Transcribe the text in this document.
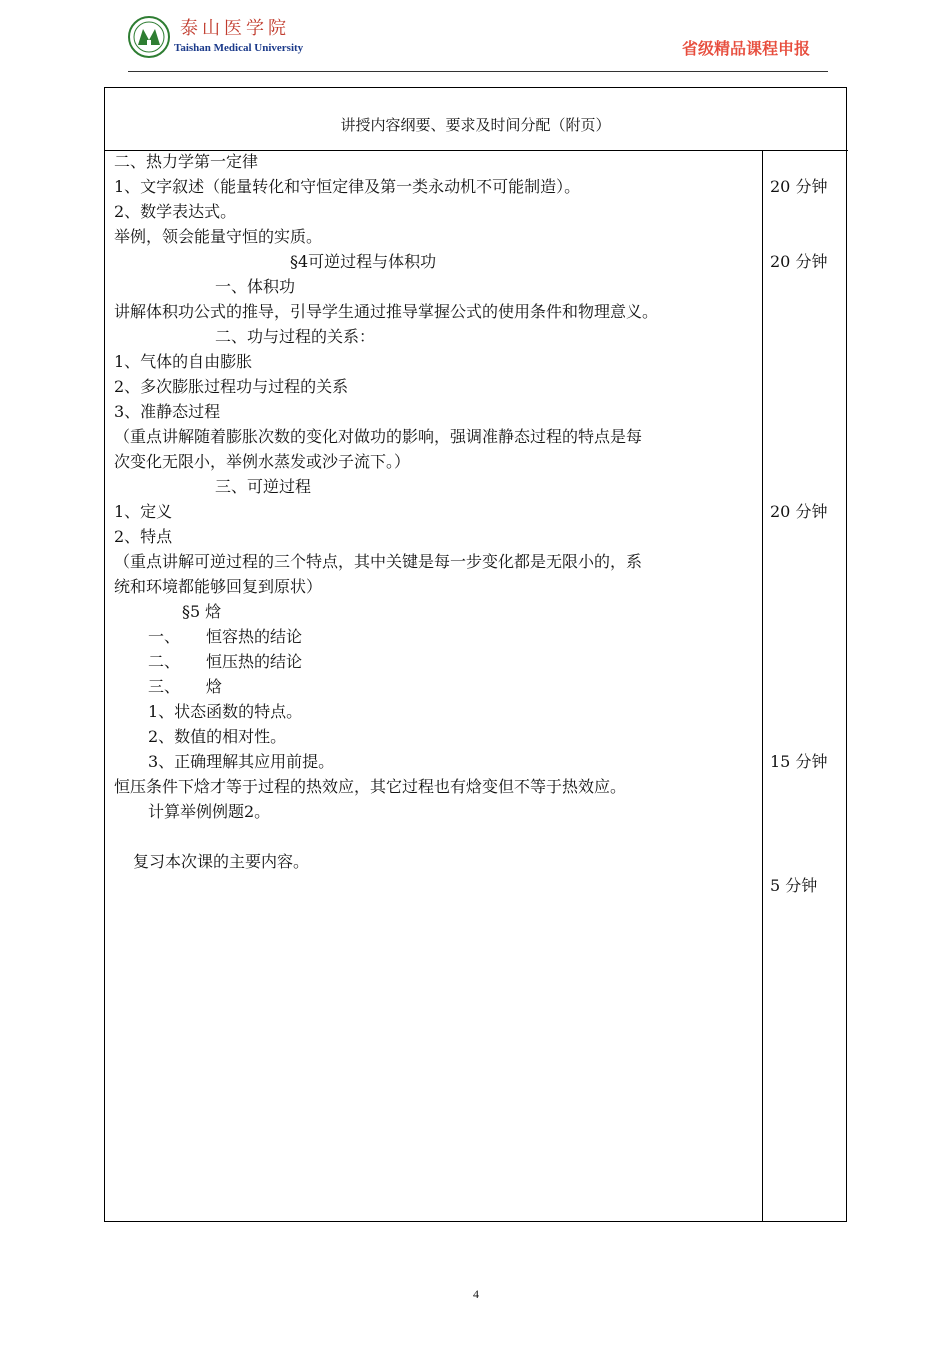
泰山医学院
Taishan Medical University	省级精品课程申报
讲授内容纲要、要求及时间分配（附页）
二、热力学第一定律
1、文字叙述（能量转化和守恒定律及第一类永动机不可能制造）。
2、数学表达式。
举例，领会能量守恒的实质。
§4可逆过程与体积功
一、体积功
讲解体积功公式的推导，引导学生通过推导掌握公式的使用条件和物理意义。
二、功与过程的关系：
1、气体的自由膨胀
2、多次膨胀过程功与过程的关系
3、准静态过程
（重点讲解随着膨胀次数的变化对做功的影响，强调准静态过程的特点是每
次变化无限小，举例水蒸发或沙子流下。）
三、可逆过程
1、定义
2、特点
（重点讲解可逆过程的三个特点，其中关键是每一步变化都是无限小的，系
统和环境都能够回复到原状）
§5 焓
一、 恒容热的结论
二、 恒压热的结论
三、 焓
1、状态函数的特点。
2、数值的相对性。
3、正确理解其应用前提。
恒压条件下焓才等于过程的热效应，其它过程也有焓变但不等于热效应。
计算举例例题2。
复习本次课的主要内容。
20 分钟
20 分钟
20 分钟
15 分钟
5 分钟
4
